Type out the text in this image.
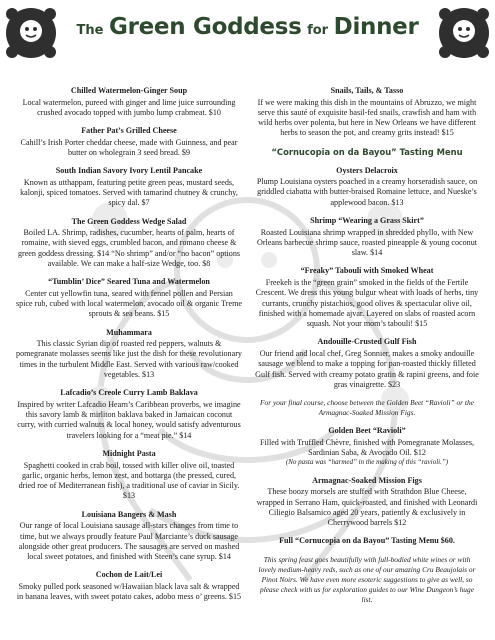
The Green Goddess for Dinner
Chilled Watermelon-Ginger Soup
Local watermelon, pureed with ginger and lime juice surrounding crushed avocado topped with jumbo lump crabmeat. $10
Father Pat’s Grilled Cheese
Cahill’s Irish Porter cheddar cheese, made with Guinness, and pear butter on wholegrain 3 seed bread. $9
South Indian Savory Ivory Lentil Pancake
Known as utthappam, featuring petite green peas, mustard seeds, kalonji, spiced tomatoes. Served with tamarind chutney & crunchy, spicy dal. $7
The Green Goddess Wedge Salad
Boiled LA. Shrimp, radishes, cucumber, hearts of palm, hearts of romaine, with sieved eggs, crumbled bacon, and romano cheese & green goddess dressing. $14 “No shrimp” and/or “no bacon” options available. We can make a half-size Wedge, too. $8
“Tumblin’ Dice” Seared Tuna and Watermelon
Center cut yellowfin tuna, seared with fennel pollen and Persian spice rub, cubed with local watermelon, avocado oil & organic Treme sprouts & sea beans. $15
Muhammara
This classic Syrian dip of roasted red peppers, walnuts & pomegranate molasses seems like just the dish for these revolutionary times in the turbulent Middle East. Served with various raw/cooked vegetables. $13
Lafcadio’s Creole Curry Lamb Baklava
Inspired by writer Lafcadio Hearn’s Caribbean proverbs, we imagine this savory lamb & mirliton baklava baked in Jamaican coconut curry, with curried walnuts & local honey, would satisfy adventurous travelers looking for a “meat pie.” $14
Midnight Pasta
Spaghetti cooked in crab boil, tossed with killer olive oil, toasted garlic, organic herbs, lemon zest, and bottarga (the pressed, cured, dried roe of Mediterranean fish), a traditional use of caviar in Sicily. $13
Louisiana Bangers & Mash
Our range of local Louisiana sausage all-stars changes from time to time, but we always proudly feature Paul Marciante’s duck sausage alongside other great producers. The sausages are served on mashed local sweet potatoes, and finished with Steen’s cane syrup. $14
Cochon de Lait/Lei
Smoky pulled pork seasoned w/Hawaiian black lava salt & wrapped in banana leaves, with sweet potato cakes, adobo mess o’ greens. $15
Snails, Tails, & Tasso
If we were making this dish in the mountains of Abruzzo, we might serve this sauté of exquisite basil-fed snails, crawfish and ham with wild herbs over polenta, but here in New Orleans we have different herbs to season the pot, and creamy grits instead! $15
“Cornucopia on da Bayou” Tasting Menu
Oysters Delacroix
Plump Louisiana oysters poached in a creamy horseradish sauce, on griddled ciabatta with butter-braised Romaine lettuce, and Nueske’s applewood bacon. $13
Shrimp “Wearing a Grass Skirt”
Roasted Louisiana shrimp wrapped in shredded phyllo, with New Orleans barbecue shrimp sauce, roasted pineapple & young coconut slaw. $14
“Freaky” Tabouli with Smoked Wheat
Freekeh is the “green grain” smoked in the fields of the Fertile Crescent. We dress this young bulgur wheat with loads of herbs, tiny currants, crunchy pistachios, good olives & spectacular olive oil, finished with a homemade ajvar. Layered on slabs of roasted acorn squash. Not your mom’s tabouli! $15
Andouille-Crusted Gulf Fish
Our friend and local chef, Greg Sonnier, makes a smoky andouille sausage we blend to make a topping for pan-roasted thickly filleted Gulf fish. Served with creamy potato gratin & rapini greens, and foie gras vinaigrette. $23
For your final course, choose between the Golden Beet “Ravioli” or the Armagnac-Soaked Mission Figs.
Golden Beet “Ravioli”
Filled with Truffled Chèvre, finished with Pomegranate Molasses, Sardinian Saba, & Avocado Oil. $12
(No pasta was “harmed” in the making of this “ravioli.”)
Armagnac-Soaked Mission Figs
These boozy morsels are stuffed with Strathdon Blue Cheese, wrapped in Serrano Ham, quick-roasted, and finished with Leonardi Ciliegio Balsamico aged 20 years, patiently & exclusively in Cherrywood barrels $12
Full “Cornucopia on da Bayou” Tasting Menu $60.
This spring feast goes beautifully with full-bodied white wines or with lovely medium-heavy reds, such as one of our amazing Cru Beaujolais or Pinot Noirs. We have even more esoteric suggestions to give as well, so please check with us for exploration guides to our Wine Dungeon’s huge list.
